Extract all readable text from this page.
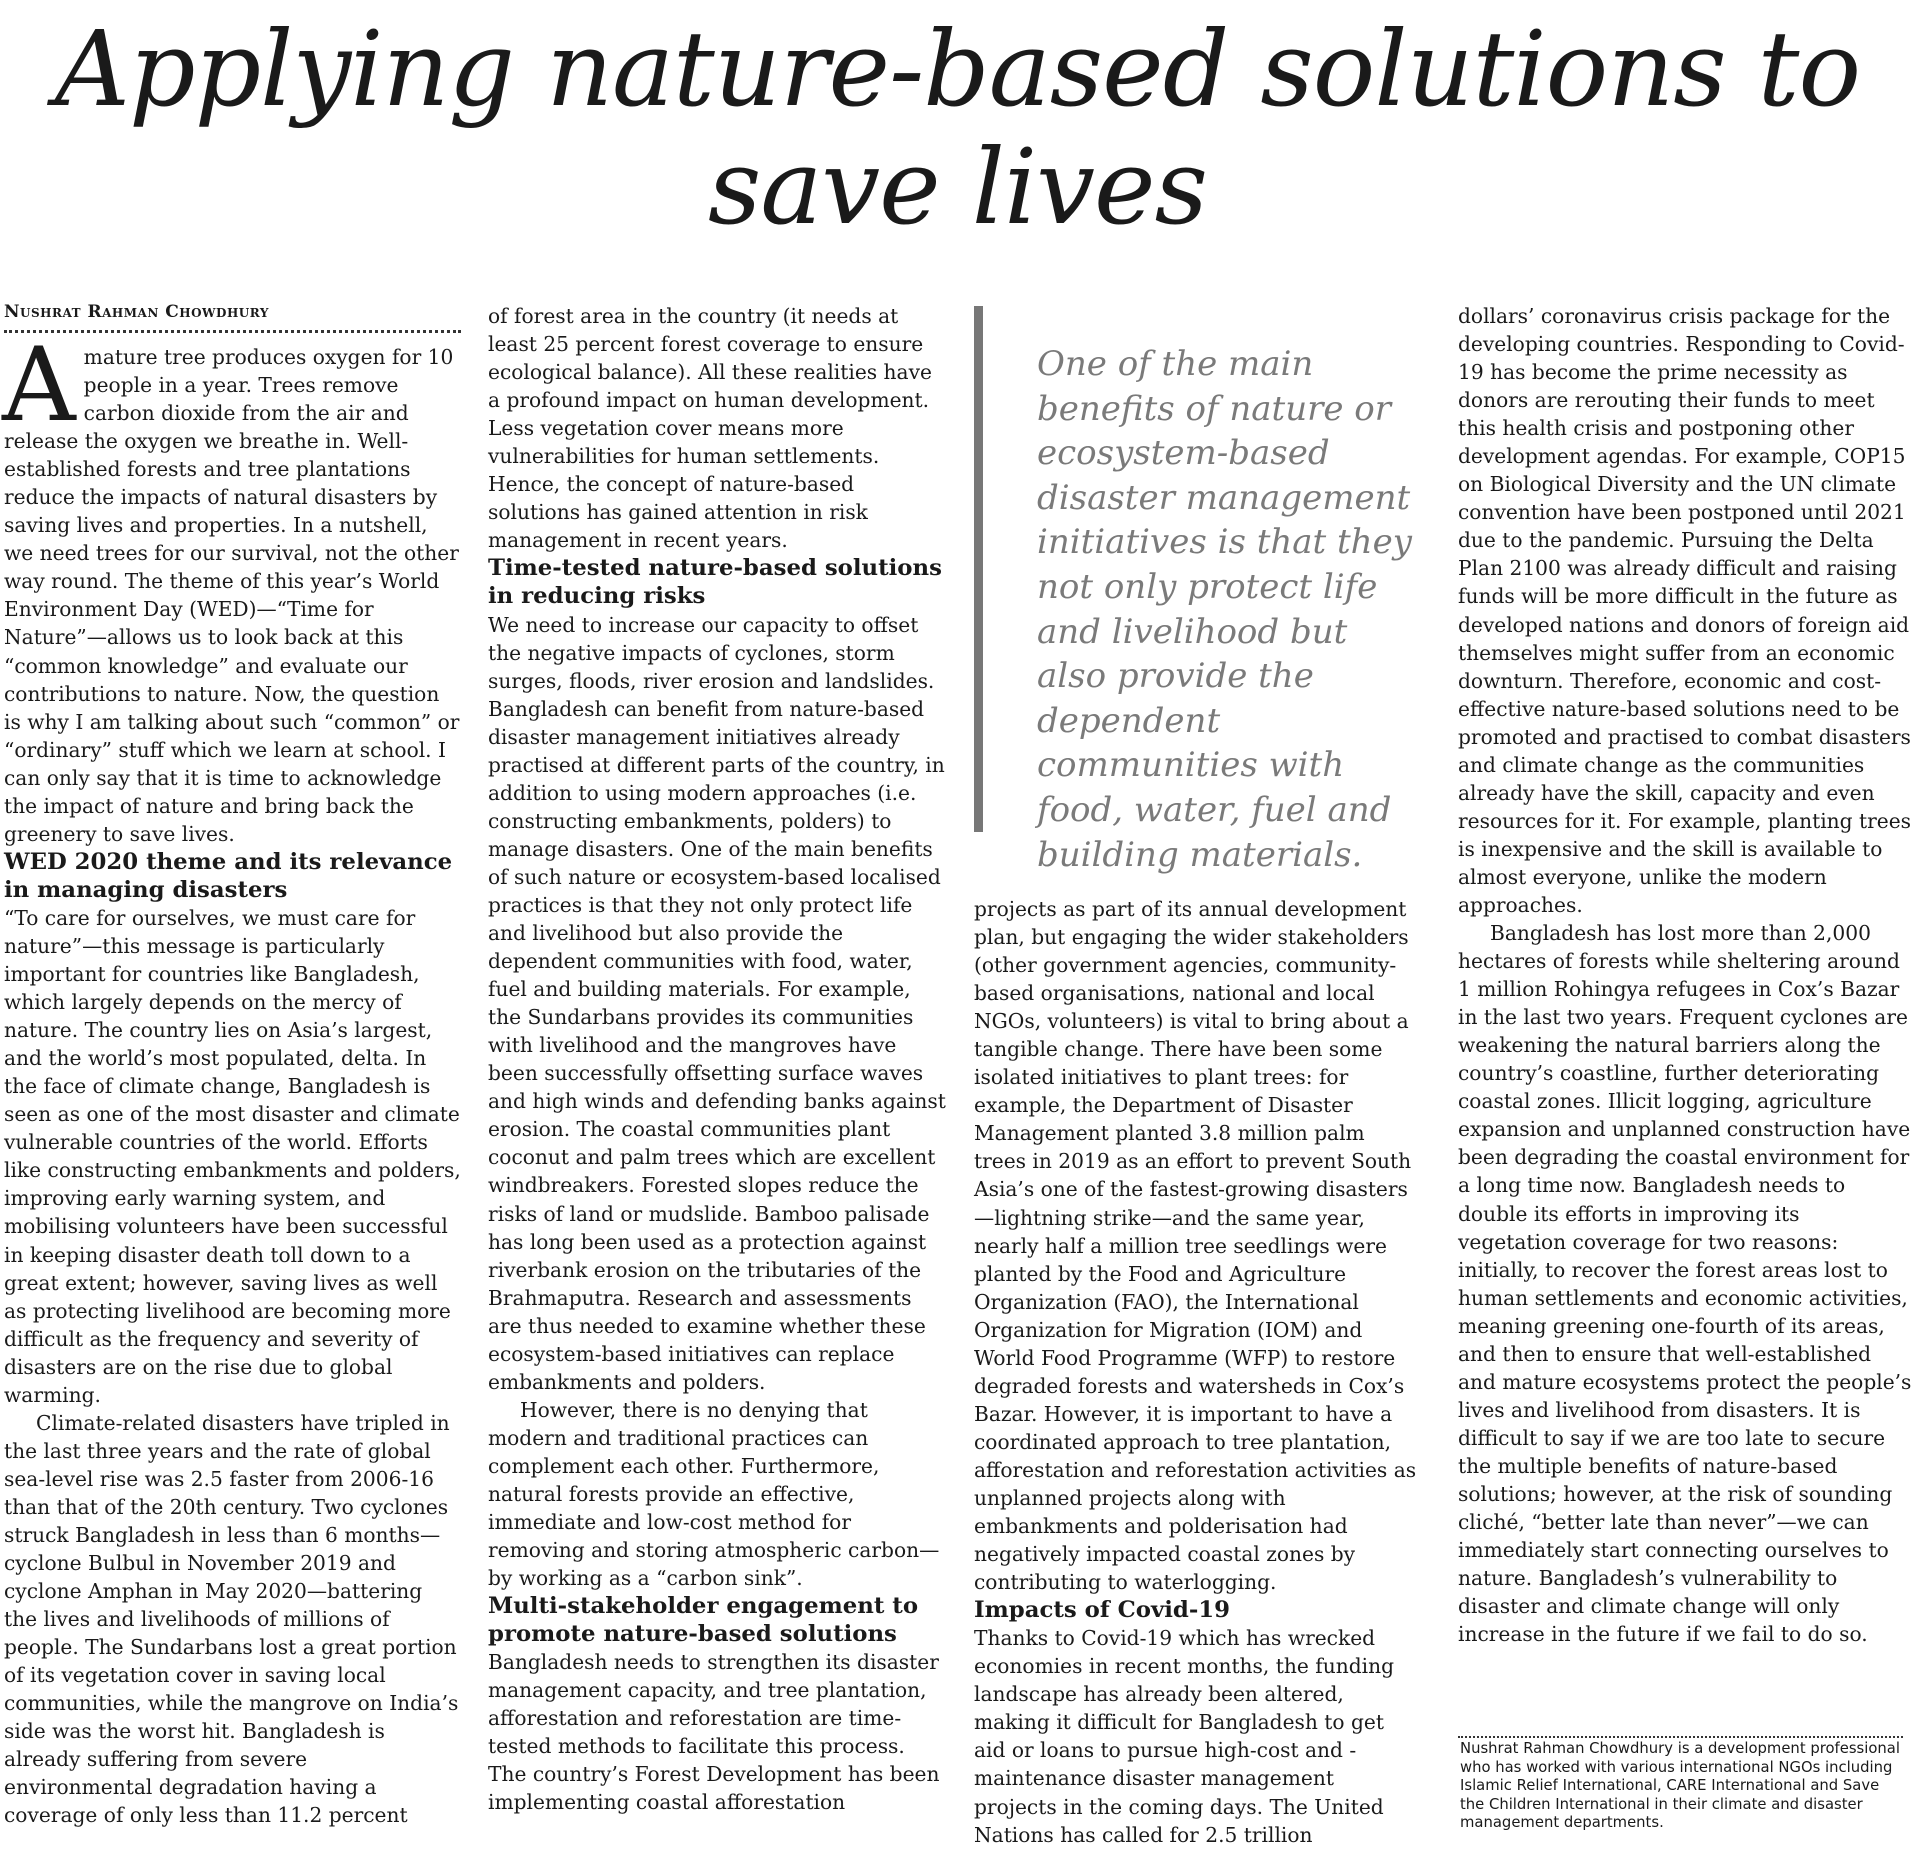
Applying nature-based solutions to save lives
Nushrat Rahman Chowdhury

Amature tree produces oxygen for 10 people in a year. Trees remove carbon dioxide from the air and release the oxygen we breathe in. Well-established forests and tree plantations reduce the impacts of natural disasters by saving lives and properties. In a nutshell, we need trees for our survival, not the other way round. The theme of this year’s World Environment Day (WED)—“Time for Nature”—allows us to look back at this “common knowledge” and evaluate our contributions to nature. Now, the question is why I am talking about such “common” or “ordinary” stuff which we learn at school. I can only say that it is time to acknowledge the impact of nature and bring back the greenery to save lives.

WED 2020 theme and its relevance in managing disasters

“To care for ourselves, we must care for nature”—this message is particularly important for countries like Bangladesh, which largely depends on the mercy of nature. The country lies on Asia’s largest, and the world’s most populated, delta. In the face of climate change, Bangladesh is seen as one of the most disaster and climate vulnerable countries of the world. Efforts like constructing embankments and polders, improving early warning system, and mobilising volunteers have been successful in keeping disaster death toll down to a great extent; however, saving lives as well as protecting livelihood are becoming more difficult as the frequency and severity of disasters are on the rise due to global warming.

Climate-related disasters have tripled in the last three years and the rate of global sea-level rise was 2.5 faster from 2006-16 than that of the 20th century. Two cyclones struck Bangladesh in less than 6 months—cyclone Bulbul in November 2019 and cyclone Amphan in May 2020—battering the lives and livelihoods of millions of people. The Sundarbans lost a great portion of its vegetation cover in saving local communities, while the mangrove on India’s side was the worst hit. Bangladesh is already suffering from severe environmental degradation having a coverage of only less than 11.2 percent

of forest area in the country (it needs at least 25 percent forest coverage to ensure ecological balance). All these realities have a profound impact on human development. Less vegetation cover means more vulnerabilities for human settlements. Hence, the concept of nature-based solutions has gained attention in risk management in recent years.

Time-tested nature-based solutions in reducing risks

We need to increase our capacity to offset the negative impacts of cyclones, storm surges, floods, river erosion and landslides. Bangladesh can benefit from nature-based disaster management initiatives already practised at different parts of the country, in addition to using modern approaches (i.e. constructing embankments, polders) to manage disasters. One of the main benefits of such nature or ecosystem-based localised practices is that they not only protect life and livelihood but also provide the dependent communities with food, water, fuel and building materials. For example, the Sundarbans provides its communities with livelihood and the mangroves have been successfully offsetting surface waves and high winds and defending banks against erosion. The coastal communities plant coconut and palm trees which are excellent windbreakers. Forested slopes reduce the risks of land or mudslide. Bamboo palisade has long been used as a protection against riverbank erosion on the tributaries of the Brahmaputra. Research and assessments are thus needed to examine whether these ecosystem-based initiatives can replace embankments and polders.

However, there is no denying that modern and traditional practices can complement each other. Furthermore, natural forests provide an effective, immediate and low-cost method for removing and storing atmospheric carbon—by working as a “carbon sink”.

Multi-stakeholder engagement to promote nature-based solutions

Bangladesh needs to strengthen its disaster management capacity, and tree plantation, afforestation and reforestation are time-tested methods to facilitate this process. The country’s Forest Development has been implementing coastal afforestation

One of the main benefits of nature or ecosystem-based disaster management initiatives is that they not only protect life and livelihood but also provide the dependent communities with food, water, fuel and building materials.

projects as part of its annual development plan, but engaging the wider stakeholders (other government agencies, community-based organisations, national and local NGOs, volunteers) is vital to bring about a tangible change. There have been some isolated initiatives to plant trees: for example, the Department of Disaster Management planted 3.8 million palm trees in 2019 as an effort to prevent South Asia’s one of the fastest-growing disasters—lightning strike—and the same year, nearly half a million tree seedlings were planted by the Food and Agriculture Organization (FAO), the International Organization for Migration (IOM) and World Food Programme (WFP) to restore degraded forests and watersheds in Cox’s Bazar. However, it is important to have a coordinated approach to tree plantation, afforestation and reforestation activities as unplanned projects along with embankments and polderisation had negatively impacted coastal zones by contributing to waterlogging.

Impacts of Covid-19

Thanks to Covid-19 which has wrecked economies in recent months, the funding landscape has already been altered, making it difficult for Bangladesh to get aid or loans to pursue high-cost and -maintenance disaster management projects in the coming days. The United Nations has called for 2.5 trillion

dollars’ coronavirus crisis package for the developing countries. Responding to Covid-19 has become the prime necessity as donors are rerouting their funds to meet this health crisis and postponing other development agendas. For example, COP15 on Biological Diversity and the UN climate convention have been postponed until 2021 due to the pandemic. Pursuing the Delta Plan 2100 was already difficult and raising funds will be more difficult in the future as developed nations and donors of foreign aid themselves might suffer from an economic downturn. Therefore, economic and cost-effective nature-based solutions need to be promoted and practised to combat disasters and climate change as the communities already have the skill, capacity and even resources for it. For example, planting trees is inexpensive and the skill is available to almost everyone, unlike the modern approaches.

Bangladesh has lost more than 2,000 hectares of forests while sheltering around 1 million Rohingya refugees in Cox’s Bazar in the last two years. Frequent cyclones are weakening the natural barriers along the country’s coastline, further deteriorating coastal zones. Illicit logging, agriculture expansion and unplanned construction have been degrading the coastal environment for a long time now. Bangladesh needs to double its efforts in improving its vegetation coverage for two reasons: initially, to recover the forest areas lost to human settlements and economic activities, meaning greening one-fourth of its areas, and then to ensure that well-established and mature ecosystems protect the people’s lives and livelihood from disasters. It is difficult to say if we are too late to secure the multiple benefits of nature-based solutions; however, at the risk of sounding cliché, “better late than never”—we can immediately start connecting ourselves to nature. Bangladesh’s vulnerability to disaster and climate change will only increase in the future if we fail to do so.

Nushrat Rahman Chowdhury is a development professional who has worked with various international NGOs including Islamic Relief International, CARE International and Save the Children International in their climate and disaster management departments.
